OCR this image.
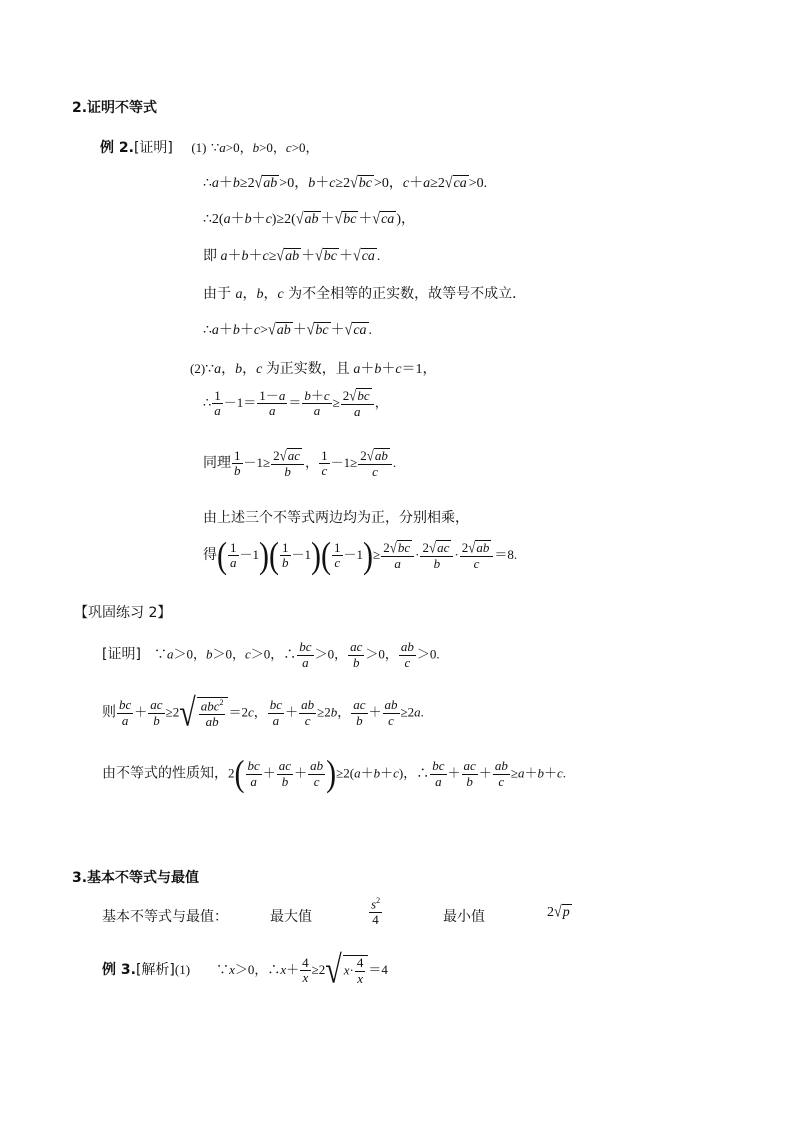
2.证明不等式
例 2.[证明] (1) ∵a>0，b>0，c>0，
∴a＋b≥2√ab >0，b＋c≥2√bc >0，c＋a≥2√ca >0.
∴2(a＋b＋c)≥2(√ab ＋√bc ＋√ca )，
即 a＋b＋c≥√ab ＋√bc ＋√ca .
由于 a，b，c 为不全相等的正实数，故等号不成立．
∴a＋b＋c>√ab ＋√bc ＋√ca .
(2)∵a，b，c 为正实数，且 a＋b＋c＝1，
∴ $\frac{1}{a} -1= \frac{1-a}{a} = \frac{b+c}{a} \ge \frac{2√bc}{a}$ ，
同理 $\frac{1}{b} -1\ge \frac{2√ac}{b}$ ， $\frac{1}{c} -1\ge \frac{2√ab}{c}$ .
由上述三个不等式两边均为正，分别相乘，
得( $\frac{1}{a} -1)( \frac{1}{b} -1)( \frac{1}{c} -1)\ge \frac{2√bc}{a} \cdot \frac{2√ac}{b} \cdot \frac{2√ab}{c} =8$.
【巩固练习 2】
[证明]　∵a＞0，b＞0，c＞0，∴ $\frac{bc}{a} >0$， $\frac{ac}{b} >0$， $\frac{ab}{c} >0$.
则 $\frac{bc}{a} + \frac{ac}{b} \ge 2√ \frac{abc^2}{ab} =2c$， $\frac{bc}{a} + \frac{ab}{c} \ge 2b$， $\frac{ac}{b} + \frac{ab}{c} \ge 2a$.
由不等式的性质知，$2( \frac{bc}{a} + \frac{ac}{b} + \frac{ab}{c} )\ge 2(a+b+c)$，∴ $\frac{bc}{a} + \frac{ac}{b} + \frac{ab}{c} \ge a+b+c$.
3.基本不等式与最值
基本不等式与最值：	最大值	$\frac{s^2}{4}$	最小值	2√p
例 3.[解析](1)　　∵x＞0，∴x＋ $\frac{4}{x} \ge 2√$ $x\cdot \frac{4}{x} =4$
